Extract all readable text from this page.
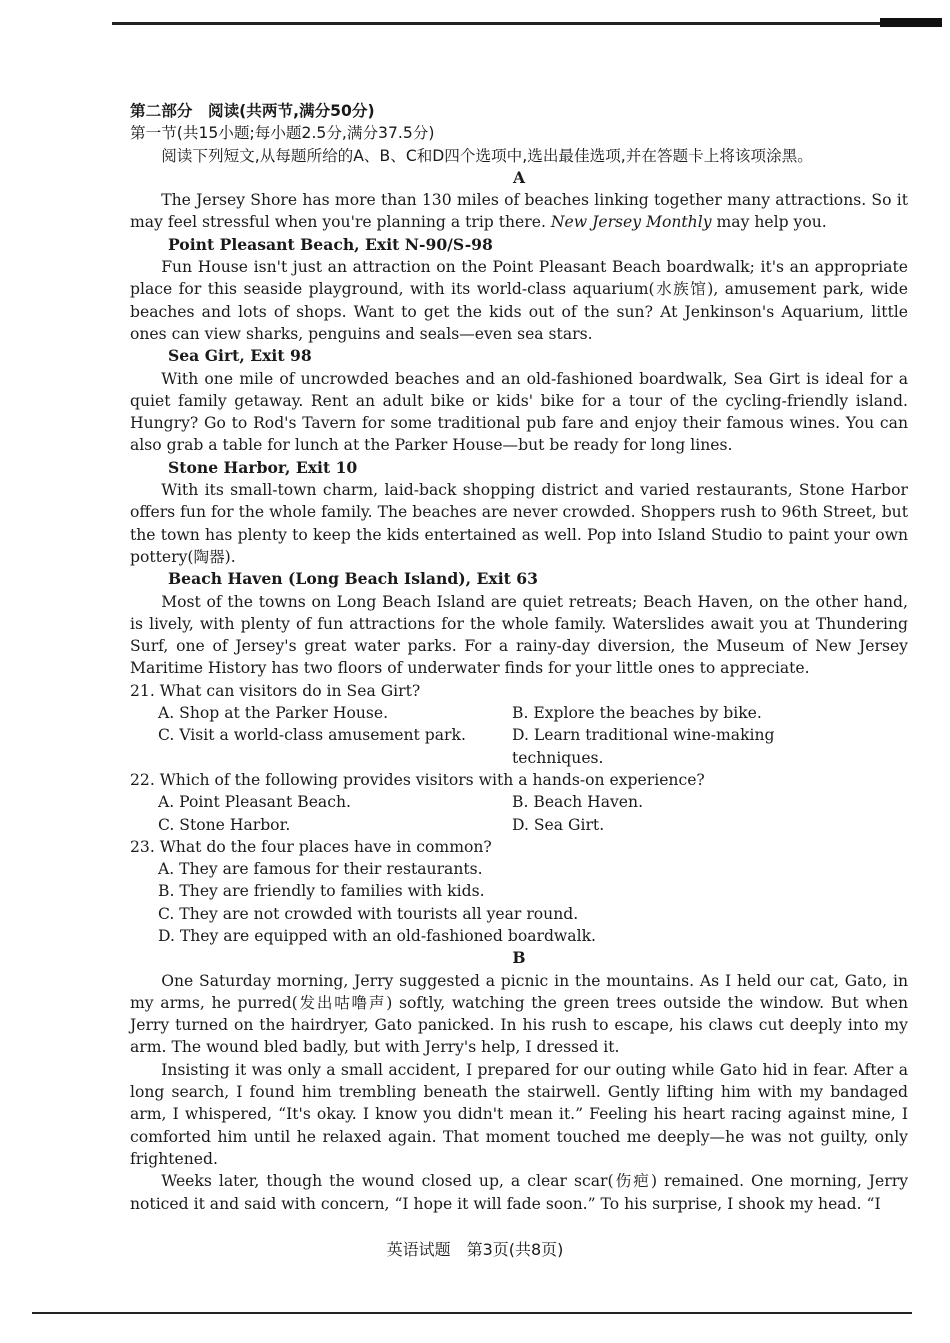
第二部分　阅读(共两节,满分50分)

第一节(共15小题;每小题2.5分,满分37.5分)

阅读下列短文,从每题所给的A、B、C和D四个选项中,选出最佳选项,并在答题卡上将该项涂黑。

A

The Jersey Shore has more than 130 miles of beaches linking together many attractions. So it may feel stressful when you're planning a trip there. New Jersey Monthly may help you.

Point Pleasant Beach, Exit N-90/S-98

Fun House isn't just an attraction on the Point Pleasant Beach boardwalk; it's an appropriate place for this seaside playground, with its world-class aquarium(水族馆), amusement park, wide beaches and lots of shops. Want to get the kids out of the sun? At Jenkinson's Aquarium, little ones can view sharks, penguins and seals—even sea stars.

Sea Girt, Exit 98

With one mile of uncrowded beaches and an old-fashioned boardwalk, Sea Girt is ideal for a quiet family getaway. Rent an adult bike or kids' bike for a tour of the cycling-friendly island. Hungry? Go to Rod's Tavern for some traditional pub fare and enjoy their famous wines. You can also grab a table for lunch at the Parker House—but be ready for long lines.

Stone Harbor, Exit 10

With its small-town charm, laid-back shopping district and varied restaurants, Stone Harbor offers fun for the whole family. The beaches are never crowded. Shoppers rush to 96th Street, but the town has plenty to keep the kids entertained as well. Pop into Island Studio to paint your own pottery(陶器).

Beach Haven (Long Beach Island), Exit 63

Most of the towns on Long Beach Island are quiet retreats; Beach Haven, on the other hand, is lively, with plenty of fun attractions for the whole family. Waterslides await you at Thundering Surf, one of Jersey's great water parks. For a rainy-day diversion, the Museum of New Jersey Maritime History has two floors of underwater finds for your little ones to appreciate.

21. What can visitors do in Sea Girt?

A. Shop at the Parker House.	B. Explore the beaches by bike.
C. Visit a world-class amusement park.	D. Learn traditional wine-making techniques.

22. Which of the following provides visitors with a hands-on experience?

A. Point Pleasant Beach.	B. Beach Haven.
C. Stone Harbor.	D. Sea Girt.

23. What do the four places have in common?

A. They are famous for their restaurants.
B. They are friendly to families with kids.
C. They are not crowded with tourists all year round.
D. They are equipped with an old-fashioned boardwalk.

B

One Saturday morning, Jerry suggested a picnic in the mountains. As I held our cat, Gato, in my arms, he purred(发出咕噜声) softly, watching the green trees outside the window. But when Jerry turned on the hairdryer, Gato panicked. In his rush to escape, his claws cut deeply into my arm. The wound bled badly, but with Jerry's help, I dressed it.

Insisting it was only a small accident, I prepared for our outing while Gato hid in fear. After a long search, I found him trembling beneath the stairwell. Gently lifting him with my bandaged arm, I whispered, “It's okay. I know you didn't mean it.” Feeling his heart racing against mine, I comforted him until he relaxed again. That moment touched me deeply—he was not guilty, only frightened.

Weeks later, though the wound closed up, a clear scar(伤疤) remained. One morning, Jerry noticed it and said with concern, “I hope it will fade soon.” To his surprise, I shook my head. “I

英语试题　第3页(共8页)
